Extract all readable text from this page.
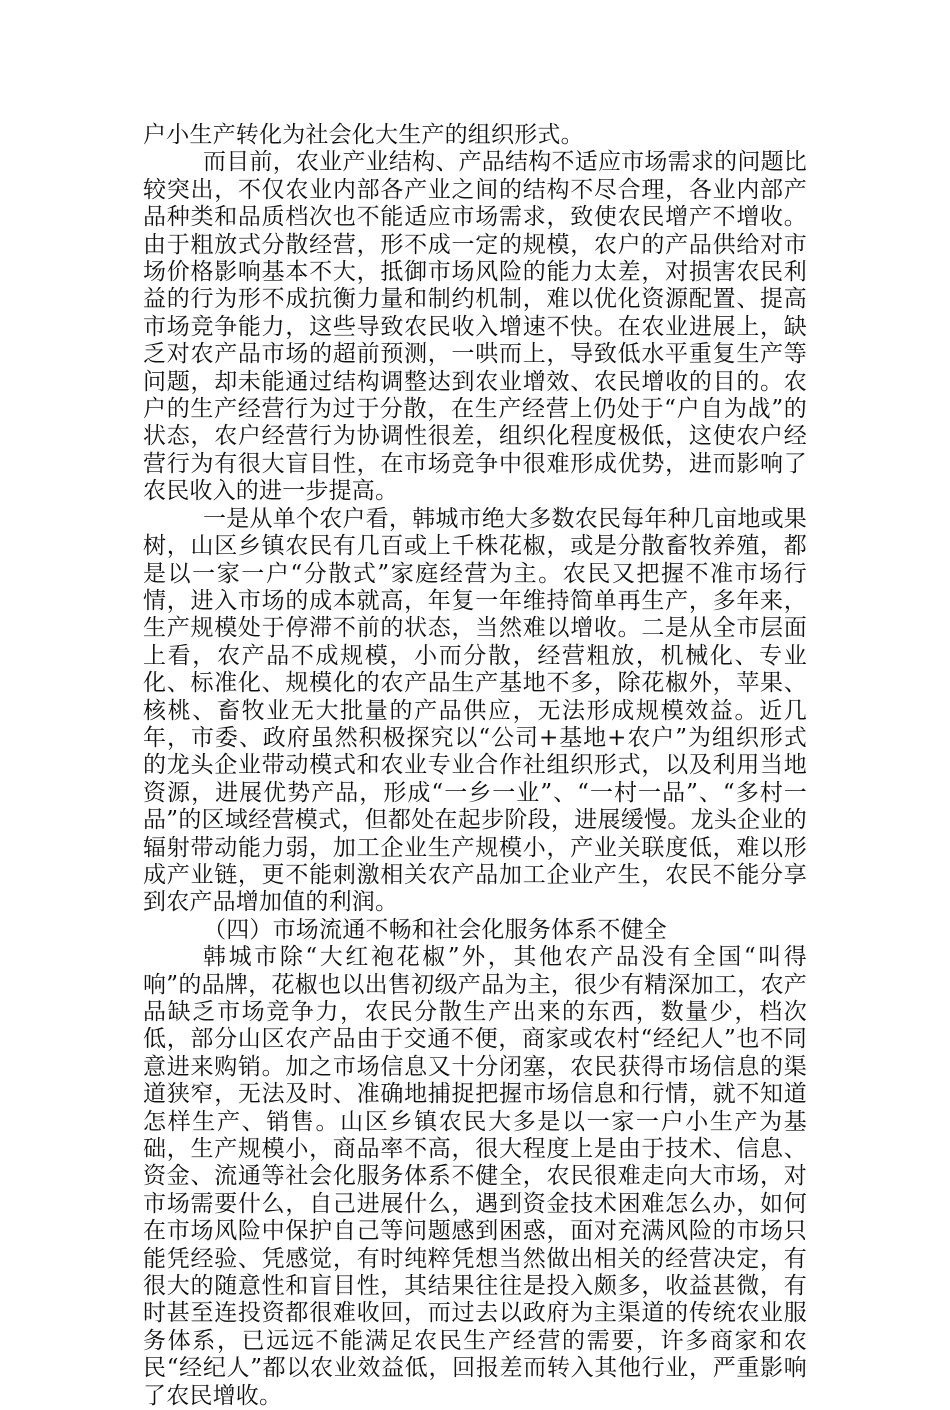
户小生产转化为社会化大生产的组织形式。

而目前，农业产业结构、产品结构不适应市场需求的问题比较突出，不仅农业内部各产业之间的结构不尽合理，各业内部产品种类和品质档次也不能适应市场需求，致使农民增产不增收。由于粗放式分散经营，形不成一定的规模，农户的产品供给对市场价格影响基本不大，抵御市场风险的能力太差，对损害农民利益的行为形不成抗衡力量和制约机制，难以优化资源配置、提高市场竞争能力，这些导致农民收入增速不快。在农业进展上，缺乏对农产品市场的超前预测，一哄而上，导致低水平重复生产等问题，却未能通过结构调整达到农业增效、农民增收的目的。农户的生产经营行为过于分散，在生产经营上仍处于“户自为战”的状态，农户经营行为协调性很差，组织化程度极低，这使农户经营行为有很大盲目性，在市场竞争中很难形成优势，进而影响了农民收入的进一步提高。

一是从单个农户看，韩城市绝大多数农民每年种几亩地或果树，山区乡镇农民有几百或上千株花椒，或是分散畜牧养殖，都是以一家一户“分散式”家庭经营为主。农民又把握不准市场行情，进入市场的成本就高，年复一年维持简单再生产，多年来，生产规模处于停滞不前的状态，当然难以增收。二是从全市层面上看，农产品不成规模，小而分散，经营粗放，机械化、专业化、标准化、规模化的农产品生产基地不多，除花椒外，苹果、核桃、畜牧业无大批量的产品供应，无法形成规模效益。近几年，市委、政府虽然积极探究以“公司+基地+农户”为组织形式的龙头企业带动模式和农业专业合作社组织形式，以及利用当地资源，进展优势产品，形成“一乡一业”、“一村一品”、“多村一品”的区域经营模式，但都处在起步阶段，进展缓慢。龙头企业的辐射带动能力弱，加工企业生产规模小，产业关联度低，难以形成产业链，更不能刺激相关农产品加工企业产生，农民不能分享到农产品增加值的利润。

（四）市场流通不畅和社会化服务体系不健全

韩城市除“大红袍花椒”外，其他农产品没有全国“叫得响”的品牌，花椒也以出售初级产品为主，很少有精深加工，农产品缺乏市场竞争力，农民分散生产出来的东西，数量少，档次低，部分山区农产品由于交通不便，商家或农村“经纪人”也不同意进来购销。加之市场信息又十分闭塞，农民获得市场信息的渠道狭窄，无法及时、准确地捕捉把握市场信息和行情，就不知道怎样生产、销售。山区乡镇农民大多是以一家一户小生产为基础，生产规模小，商品率不高，很大程度上是由于技术、信息、资金、流通等社会化服务体系不健全，农民很难走向大市场，对市场需要什么，自己进展什么，遇到资金技术困难怎么办，如何在市场风险中保护自己等问题感到困惑，面对充满风险的市场只能凭经验、凭感觉，有时纯粹凭想当然做出相关的经营决定，有很大的随意性和盲目性，其结果往往是投入颇多，收益甚微，有时甚至连投资都很难收回，而过去以政府为主渠道的传统农业服务体系，已远远不能满足农民生产经营的需要，许多商家和农民“经纪人”都以农业效益低，回报差而转入其他行业，严重影响了农民增收。
